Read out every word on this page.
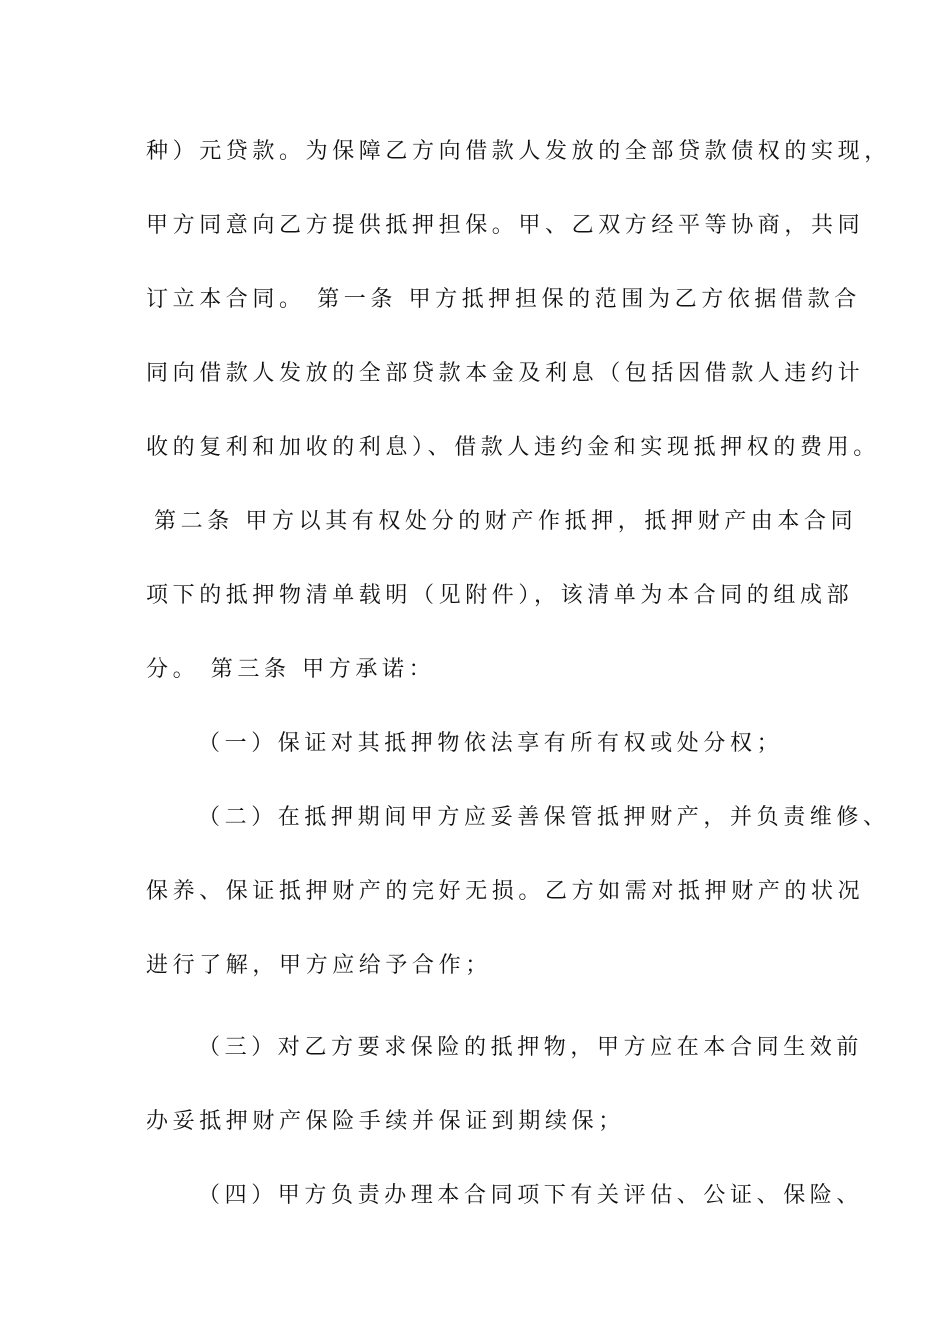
种）元贷款。为保障乙方向借款人发放的全部贷款债权的实现，
甲方同意向乙方提供抵押担保。甲、乙双方经平等协商，共同
订立本合同。 第一条 甲方抵押担保的范围为乙方依据借款合
同向借款人发放的全部贷款本金及利息（包括因借款人违约计
收的复利和加收的利息）、借款人违约金和实现抵押权的费用。
第二条 甲方以其有权处分的财产作抵押，抵押财产由本合同
项下的抵押物清单载明（见附件），该清单为本合同的组成部
分。 第三条 甲方承诺：
（一）保证对其抵押物依法享有所有权或处分权；
（二）在抵押期间甲方应妥善保管抵押财产，并负责维修、
保养、保证抵押财产的完好无损。乙方如需对抵押财产的状况
进行了解，甲方应给予合作；
（三）对乙方要求保险的抵押物，甲方应在本合同生效前
办妥抵押财产保险手续并保证到期续保；
（四）甲方负责办理本合同项下有关评估、公证、保险、
